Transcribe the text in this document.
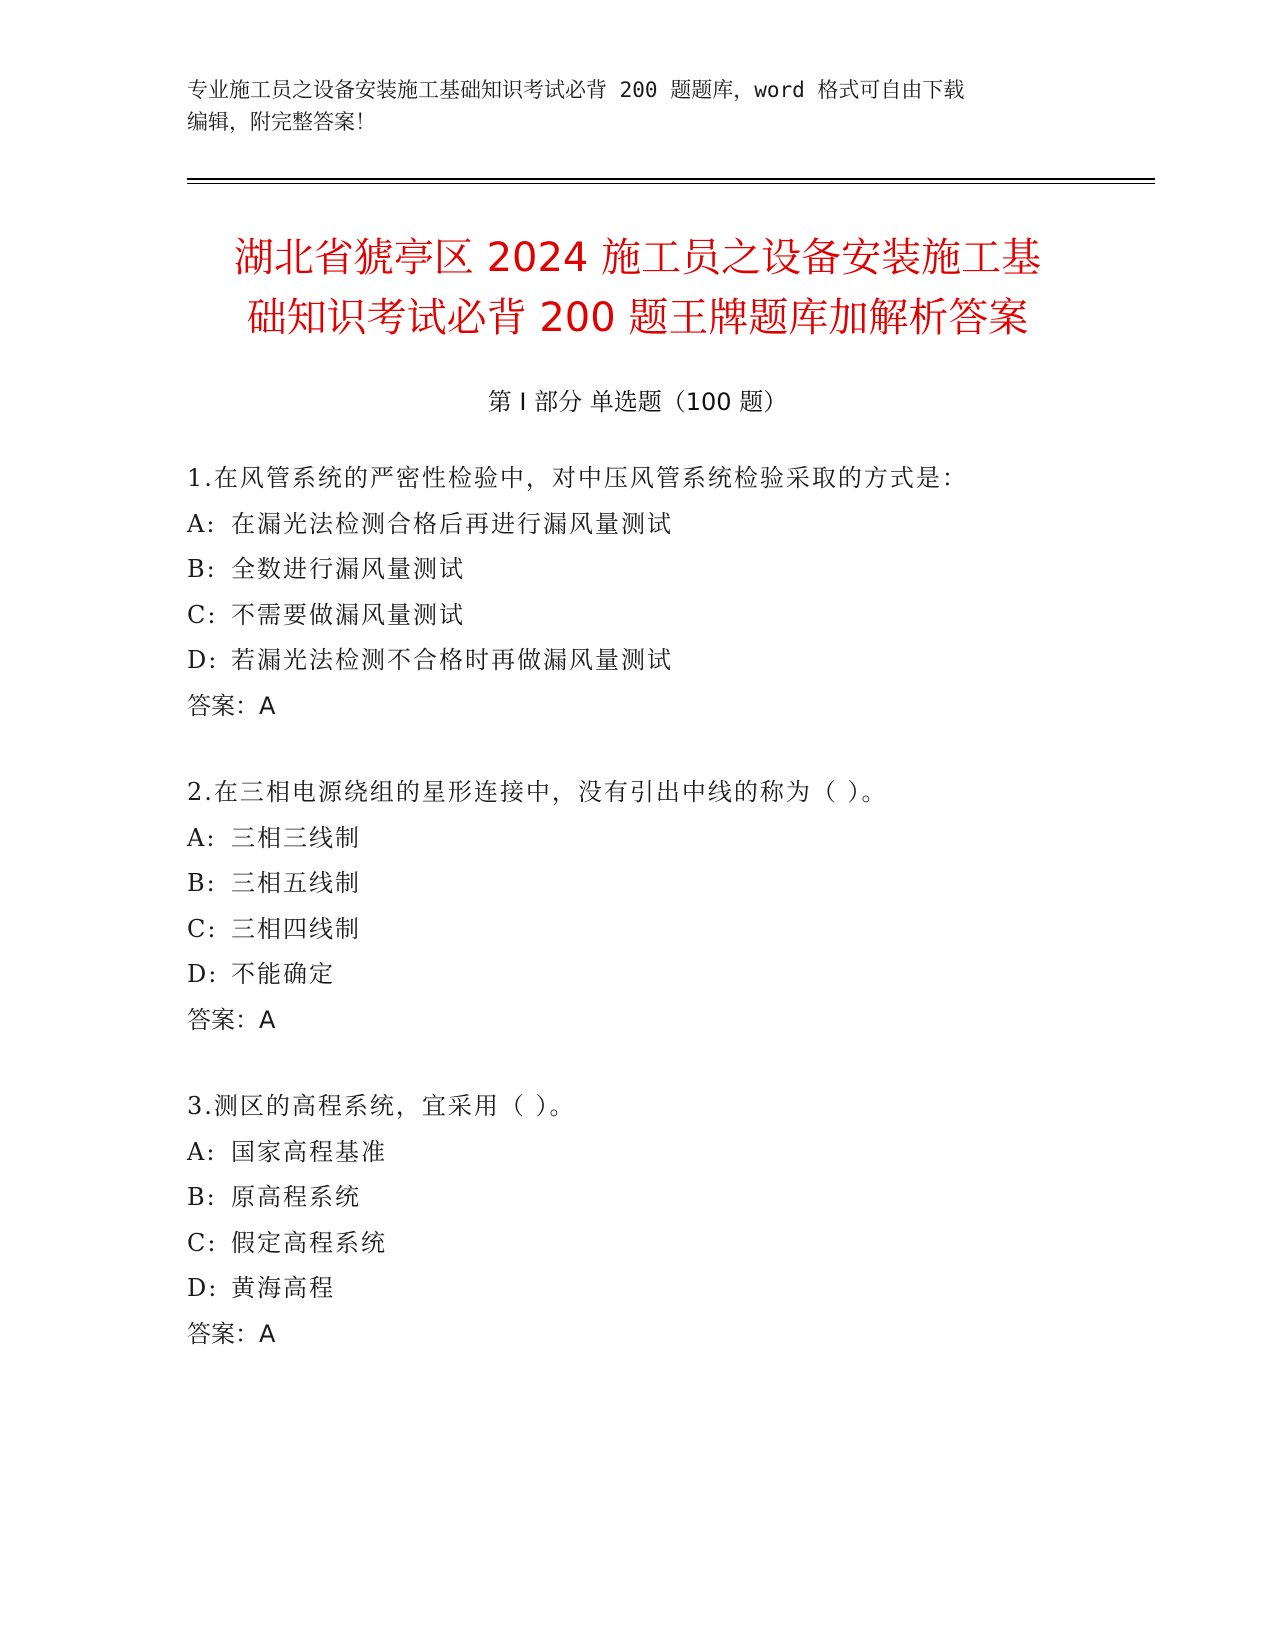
专业施工员之设备安装施工基础知识考试必背 200 题题库，word 格式可自由下载
编辑，附完整答案！
湖北省猇亭区 2024 施工员之设备安装施工基
础知识考试必背 200 题王牌题库加解析答案
第 I 部分 单选题（100 题）
1.在风管系统的严密性检验中，对中压风管系统检验采取的方式是：
A: 在漏光法检测合格后再进行漏风量测试
B: 全数进行漏风量测试
C: 不需要做漏风量测试
D: 若漏光法检测不合格时再做漏风量测试
答案：A
2.在三相电源绕组的星形连接中，没有引出中线的称为（ ）。
A: 三相三线制
B: 三相五线制
C: 三相四线制
D: 不能确定
答案：A
3.测区的高程系统，宜采用（ ）。
A: 国家高程基准
B: 原高程系统
C: 假定高程系统
D: 黄海高程
答案：A
